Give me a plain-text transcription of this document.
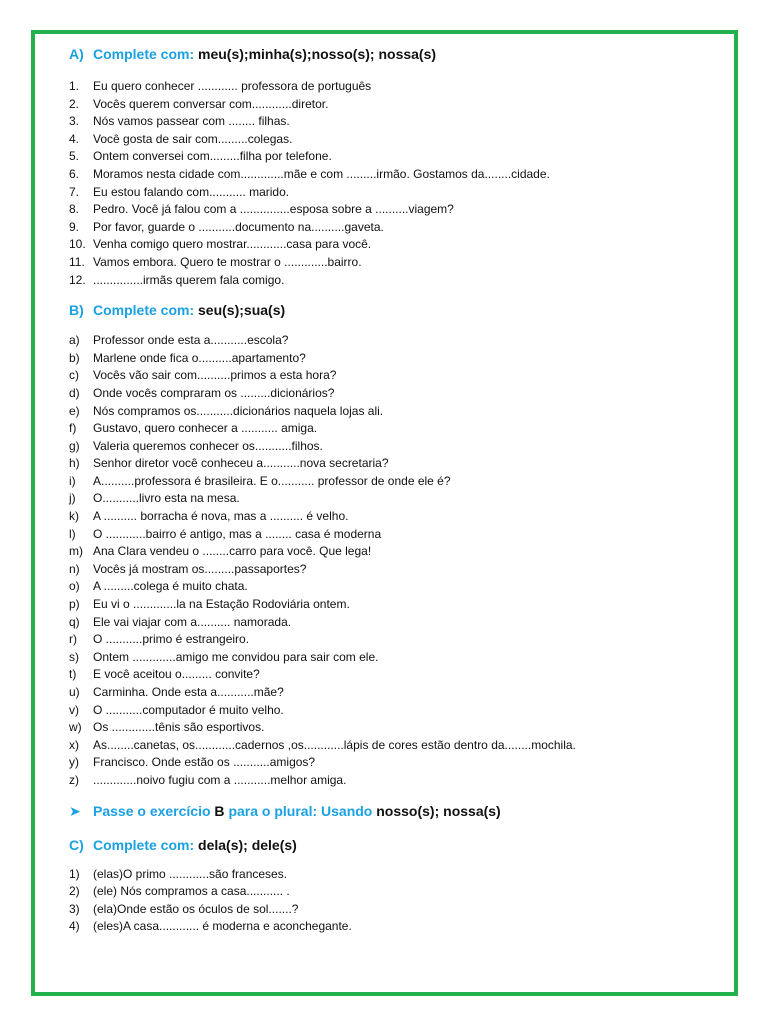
A) Complete com: meu(s);minha(s);nosso(s); nossa(s)
1. Eu quero conhecer ............ professora de português
2. Vocês querem conversar com............diretor.
3. Nós vamos passear com ........ filhas.
4. Você gosta de sair com.........colegas.
5. Ontem conversei com.........filha por telefone.
6. Moramos nesta cidade com.............mãe e com .........irmão. Gostamos da........cidade.
7. Eu estou falando com........... marido.
8. Pedro. Você já falou com a ...............esposa sobre a ..........viagem?
9. Por favor, guarde o ...........documento na..........gaveta.
10. Venha comigo quero mostrar............casa para você.
11. Vamos embora. Quero te mostrar o .............bairro.
12. ...............irmãs querem fala comigo.
B) Complete com: seu(s);sua(s)
a) Professor onde esta a...........escola?
b) Marlene onde fica o..........apartamento?
c) Vocês vão sair com..........primos a esta hora?
d) Onde vocês compraram os .........dicionários?
e) Nós compramos os...........dicionários naquela lojas ali.
f) Gustavo, quero conhecer a ........... amiga.
g) Valeria queremos conhecer os...........filhos.
h) Senhor diretor você conheceu a...........nova secretaria?
i) A..........professora é brasileira. E o........... professor de onde ele é?
j) O...........livro esta na mesa.
k) A .......... borracha é nova, mas a .......... é velho.
l) O ............bairro é antigo, mas a ........ casa é moderna
m) Ana Clara vendeu o ........carro para você. Que lega!
n) Vocês já mostram os.........passaportes?
o) A .........colega é muito chata.
p) Eu vi o .............la na Estação Rodoviária ontem.
q) Ele vai viajar com a.......... namorada.
r) O ...........primo é estrangeiro.
s) Ontem .............amigo me convidou para sair com ele.
t) E você aceitou o......... convite?
u) Carminha. Onde esta a...........mãe?
v) O ...........computador é muito velho.
w) Os .............tênis são esportivos.
x) As........canetas, os............cadernos ,os............lápis de cores estão dentro da........mochila.
y) Francisco. Onde estão os ...........amigos?
z) .............noivo fugiu com a ...........melhor amiga.
➤ Passe o exercício B para o plural: Usando nosso(s); nossa(s)
C) Complete com: dela(s); dele(s)
1) (elas)O primo ............são franceses.
2) (ele) Nós compramos a casa........... .
3) (ela)Onde estão os óculos de sol.......?
4) (eles)A casa............ é moderna e aconchegante.
